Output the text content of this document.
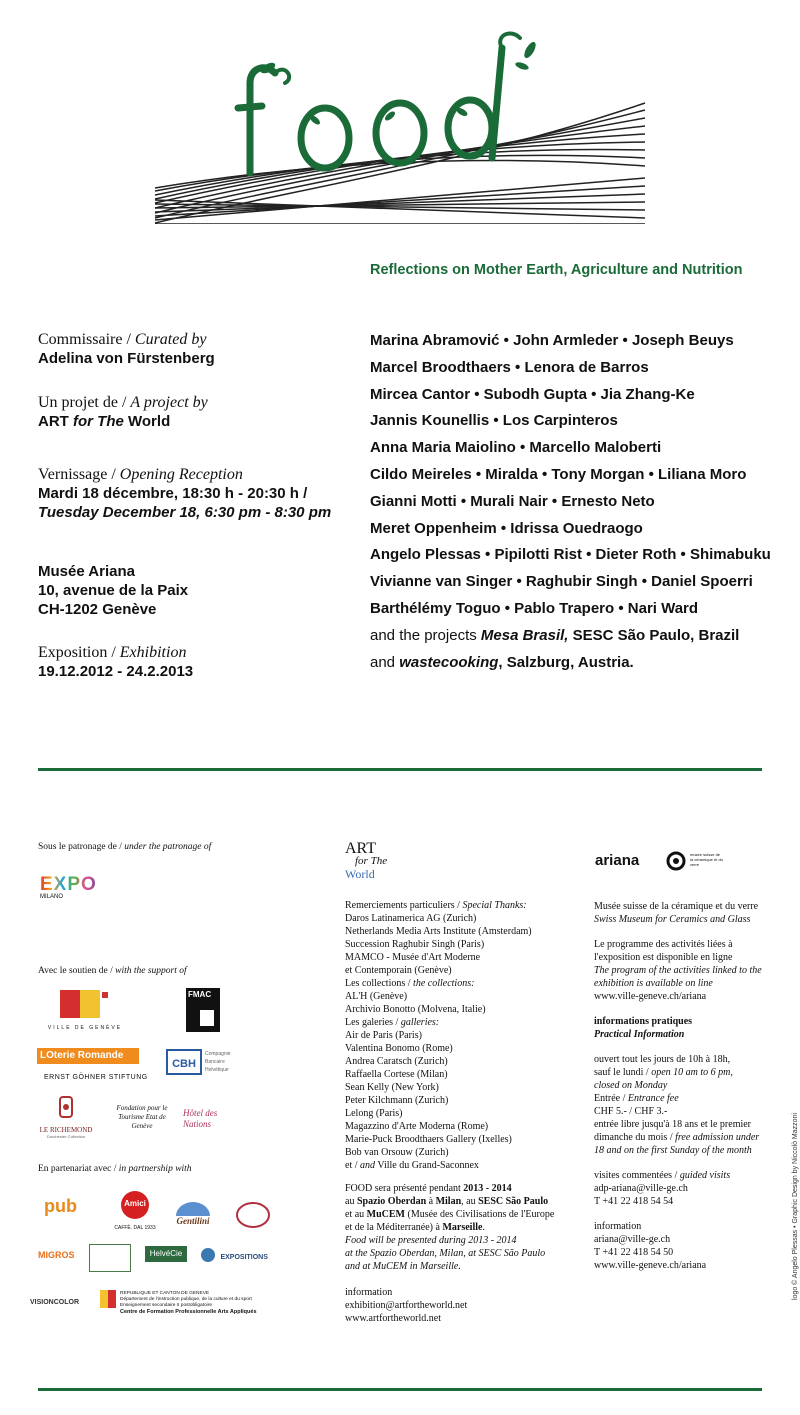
food
Reflections on Mother Earth, Agriculture and Nutrition
Commissaire / Curated by
Adelina von Fürstenberg
Un projet de / A project by
ART for The World
Vernissage / Opening Reception
Mardi 18 décembre, 18:30 h - 20:30 h /
Tuesday December 18, 6:30 pm - 8:30 pm
Musée Ariana
10, avenue de la Paix
CH-1202 Genève
Exposition / Exhibition
19.12.2012 - 24.2.2013
Marina Abramović • John Armleder • Joseph Beuys
Marcel Broodthaers • Lenora de Barros
Mircea Cantor • Subodh Gupta • Jia Zhang-Ke
Jannis Kounellis • Los Carpinteros
Anna Maria Maiolino • Marcello Maloberti
Cildo Meireles • Miralda • Tony Morgan • Liliana Moro
Gianni Motti • Murali Nair • Ernesto Neto
Meret Oppenheim • Idrissa Ouedraogo
Angelo Plessas • Pipilotti Rist • Dieter Roth • Shimabuku
Vivianne van Singer • Raghubir Singh • Daniel Spoerri
Barthélémy Toguo • Pablo Trapero • Nari Ward
and the projects Mesa Brasil, SESC São Paulo, Brazil
and wastecooking, Salzburg, Austria.
Sous le patronage de / under the patronage of
EXPO
MILANO
Avec le soutien de / with the support of
VILLE DE GENÈVE
FMAC
LOterie Romande
ERNST GÖHNER STIFTUNG
CBH
Compagnie Bancaire Helvétique
LE RICHEMOND
Dorchester Collection
Fondation pour le Tourisme Etat de Genève
Hôtel des Nations
En partenariat avec / in partnership with
pub	Amici
CAFFÈ. DAL 1933
Gentilini
MIGROS	HelvéCie	EXPOSITIONS
VISIONCOLOR
REPUBLIQUE ET CANTON DE GENEVE
Département de l'instruction publique, de la culture et du sport
Enseignement secondaire II postobligatoire
Centre de Formation Professionnelle Arts Appliqués
ART
for The
World
Remerciements particuliers / Special Thanks:
Daros Latinamerica AG (Zurich)
Netherlands Media Arts Institute (Amsterdam)
Succession Raghubir Singh (Paris)
MAMCO - Musée d'Art Moderne
et Contemporain (Genève)
Les collections / the collections:
AL'H (Genève)
Archivio Bonotto (Molvena, Italie)
Les galeries / galleries:
Air de Paris (Paris)
Valentina Bonomo (Rome)
Andrea Caratsch (Zurich)
Raffaella Cortese (Milan)
Sean Kelly (New York)
Peter Kilchmann (Zurich)
Lelong (Paris)
Magazzino d'Arte Moderna (Rome)
Marie-Puck Broodthaers Gallery (Ixelles)
Bob van Orsouw (Zurich)
et / and Ville du Grand-Saconnex
FOOD sera présenté pendant 2013 - 2014
au Spazio Oberdan à Milan, au SESC São Paulo
et au MuCEM (Musée des Civilisations de l'Europe
et de la Méditerranée) à Marseille.
Food will be presented during 2013 - 2014
at the Spazio Oberdan, Milan, at SESC São Paulo
and at MuCEM in Marseille.
information
exhibition@artfortheworld.net
www.artfortheworld.net
ariana	musée suisse de la céramique et du verre
Musée suisse de la céramique et du verre
Swiss Museum for Ceramics and Glass
Le programme des activités liées à
l'exposition est disponible en ligne
The program of the activities linked to the
exhibition is available on line
www.ville-geneve.ch/ariana
informations pratiques
Practical Information
ouvert tout les jours de 10h à 18h,
sauf le lundi / open 10 am to 6 pm,
closed on Monday
Entrée / Entrance fee
CHF 5.- / CHF 3.-
entrée libre jusqu'à 18 ans et le premier
dimanche du mois / free admission under
18 and on the first Sunday of the month
visites commentées / guided visits
adp-ariana@ville-ge.ch
T +41 22 418 54 54
information
ariana@ville-ge.ch
T +41 22 418 54 50
www.ville-geneve.ch/ariana	logo © Angelo Plessas • Graphic Design by Niccolò Mazzoni
